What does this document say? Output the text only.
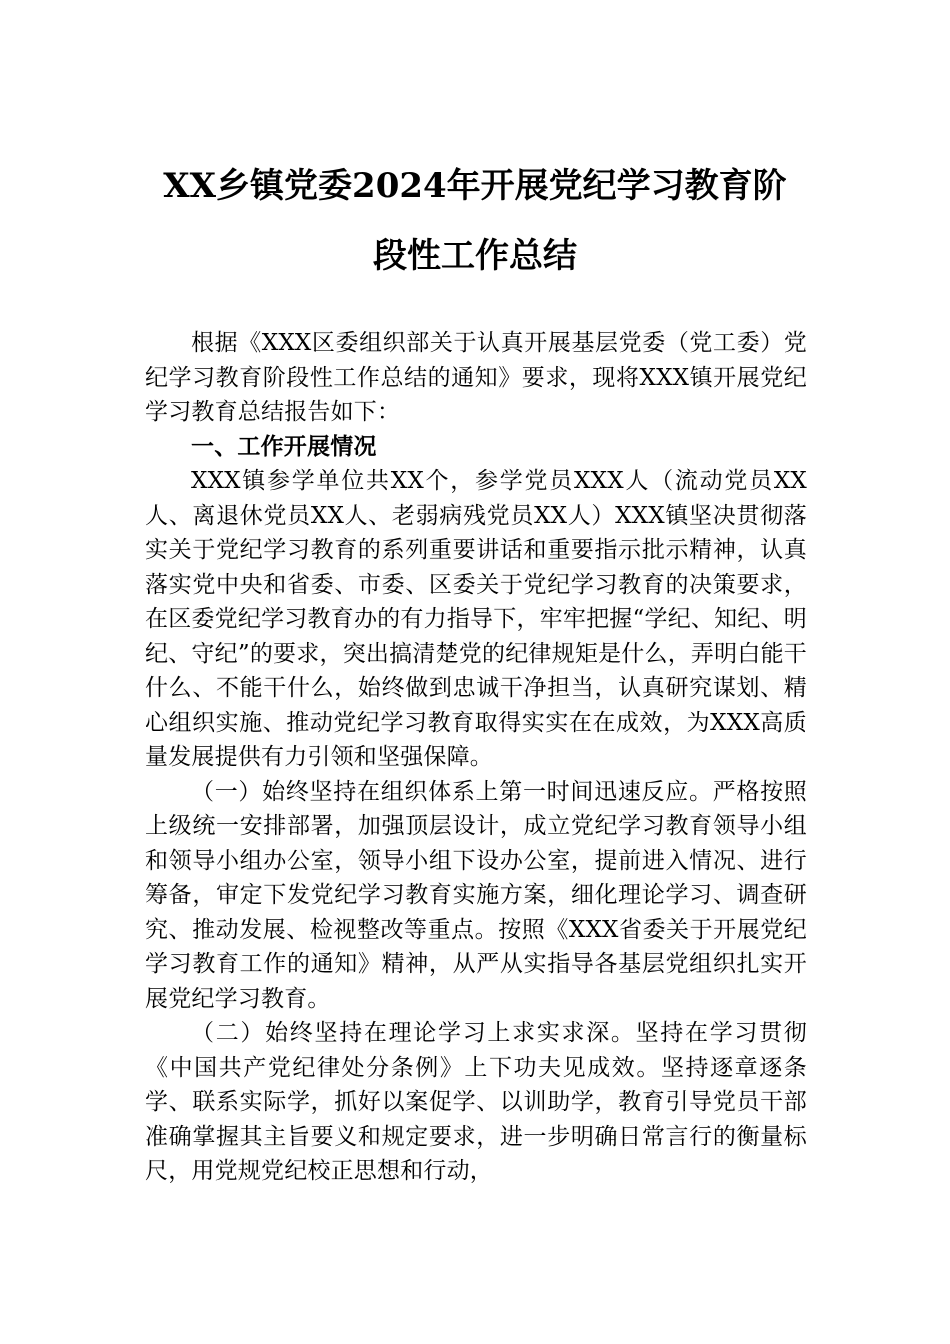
XX乡镇党委2024年开展党纪学习教育阶
段性工作总结

根据《XXX区委组织部关于认真开展基层党委（党工委）党纪学习教育阶段性工作总结的通知》要求，现将XXX镇开展党纪学习教育总结报告如下：

一、工作开展情况

XXX镇参学单位共XX个，参学党员XXX人（流动党员XX人、离退休党员XX人、老弱病残党员XX人）XXX镇坚决贯彻落实关于党纪学习教育的系列重要讲话和重要指示批示精神，认真落实党中央和省委、市委、区委关于党纪学习教育的决策要求，在区委党纪学习教育办的有力指导下，牢牢把握“学纪、知纪、明纪、守纪”的要求，突出搞清楚党的纪律规矩是什么，弄明白能干什么、不能干什么，始终做到忠诚干净担当，认真研究谋划、精心组织实施、推动党纪学习教育取得实实在在成效，为XXX高质量发展提供有力引领和坚强保障。

（一）始终坚持在组织体系上第一时间迅速反应。严格按照上级统一安排部署，加强顶层设计，成立党纪学习教育领导小组和领导小组办公室，领导小组下设办公室，提前进入情况、进行筹备，审定下发党纪学习教育实施方案，细化理论学习、调查研究、推动发展、检视整改等重点。按照《XXX省委关于开展党纪学习教育工作的通知》精神，从严从实指导各基层党组织扎实开展党纪学习教育。

（二）始终坚持在理论学习上求实求深。坚持在学习贯彻《中国共产党纪律处分条例》上下功夫见成效。坚持逐章逐条学、联系实际学，抓好以案促学、以训助学，教育引导党员干部准确掌握其主旨要义和规定要求，进一步明确日常言行的衡量标尺，用党规党纪校正思想和行动，
